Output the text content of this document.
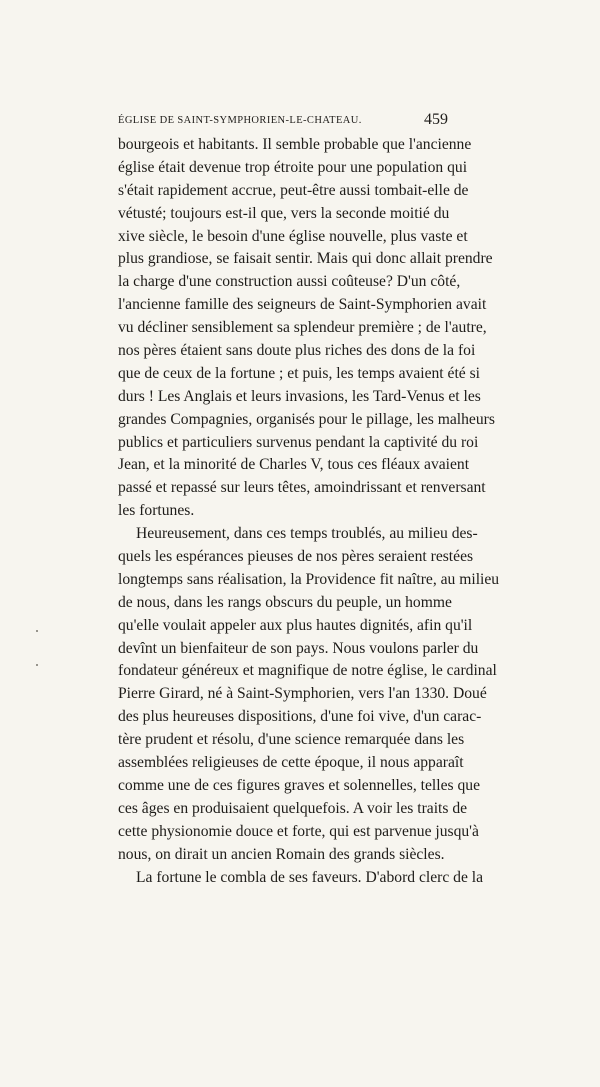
ÉGLISE DE SAINT-SYMPHORIEN-LE-CHATEAU.	459
bourgeois et habitants. Il semble probable que l'ancienne
église était devenue trop étroite pour une population qui
s'était rapidement accrue, peut-être aussi tombait-elle de
vétusté; toujours est-il que, vers la seconde moitié du
xive siècle, le besoin d'une église nouvelle, plus vaste et
plus grandiose, se faisait sentir. Mais qui donc allait prendre
la charge d'une construction aussi coûteuse? D'un côté,
l'ancienne famille des seigneurs de Saint-Symphorien avait
vu décliner sensiblement sa splendeur première ; de l'autre,
nos pères étaient sans doute plus riches des dons de la foi
que de ceux de la fortune ; et puis, les temps avaient été si
durs ! Les Anglais et leurs invasions, les Tard-Venus et les
grandes Compagnies, organisés pour le pillage, les malheurs
publics et particuliers survenus pendant la captivité du roi
Jean, et la minorité de Charles V, tous ces fléaux avaient
passé et repassé sur leurs têtes, amoindrissant et renversant
les fortunes.
Heureusement, dans ces temps troublés, au milieu des-
quels les espérances pieuses de nos pères seraient restées
longtemps sans réalisation, la Providence fit naître, au milieu
de nous, dans les rangs obscurs du peuple, un homme
qu'elle voulait appeler aux plus hautes dignités, afin qu'il
devînt un bienfaiteur de son pays. Nous voulons parler du
fondateur généreux et magnifique de notre église, le cardinal
Pierre Girard, né à Saint-Symphorien, vers l'an 1330. Doué
des plus heureuses dispositions, d'une foi vive, d'un carac-
tère prudent et résolu, d'une science remarquée dans les
assemblées religieuses de cette époque, il nous apparaît
comme une de ces figures graves et solennelles, telles que
ces âges en produisaient quelquefois. A voir les traits de
cette physionomie douce et forte, qui est parvenue jusqu'à
nous, on dirait un ancien Romain des grands siècles.
La fortune le combla de ses faveurs. D'abord clerc de la
